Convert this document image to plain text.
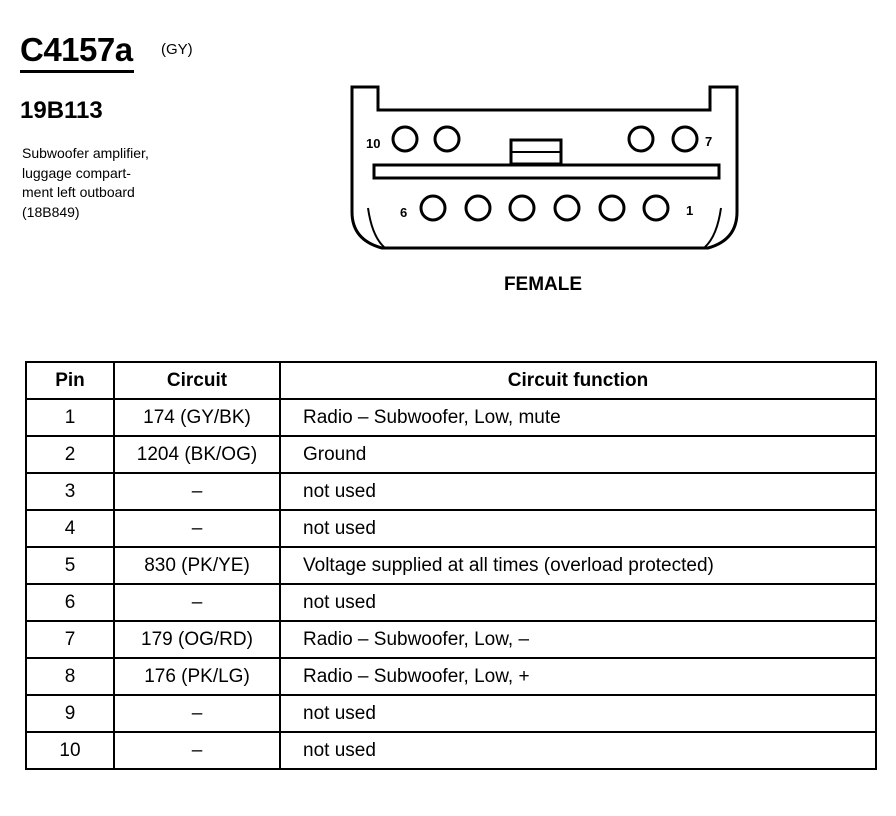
C4157a (GY)
19B113
Subwoofer amplifier,
luggage compart-
ment left outboard
(18B849)
10	7
6	1
FEMALE
Pin	Circuit	Circuit function
1	174 (GY/BK)	Radio – Subwoofer, Low, mute
2	1204 (BK/OG)	Ground
3	–	not used
4	–	not used
5	830 (PK/YE)	Voltage supplied at all times (overload protected)
6	–	not used
7	179 (OG/RD)	Radio – Subwoofer, Low, –
8	176 (PK/LG)	Radio – Subwoofer, Low, +
9	–	not used
10	–	not used
